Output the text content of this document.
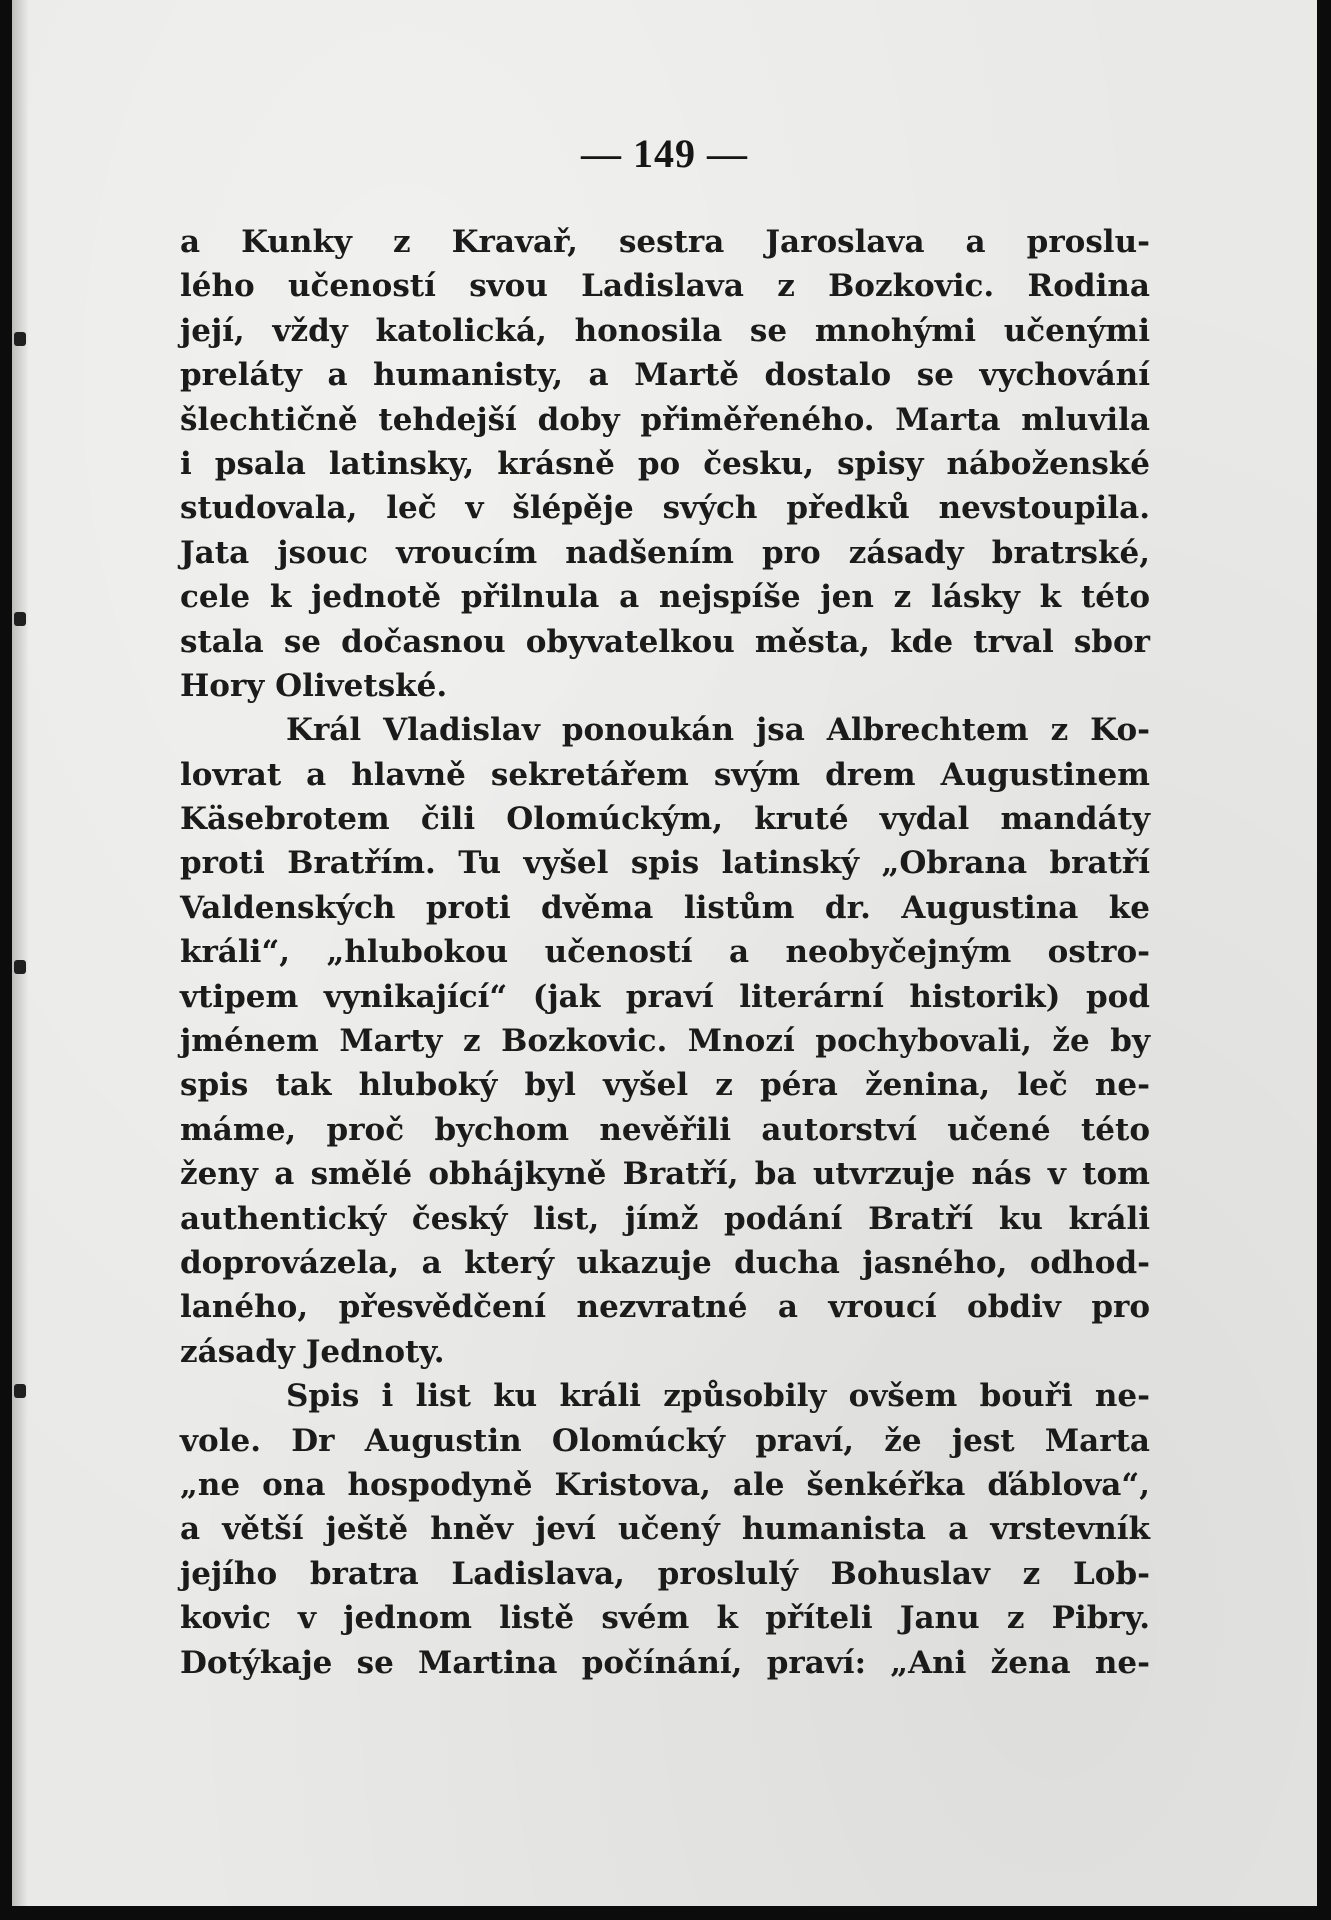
— 149 —
a Kunky z Kravař, sestra Jaroslava a proslu-
lého učeností svou Ladislava z Bozkovic. Rodina
její, vždy katolická, honosila se mnohými učenými
preláty a humanisty, a Martě dostalo se vychování
šlechtičně tehdejší doby přiměřeného. Marta mluvila
i psala latinsky, krásně po česku, spisy náboženské
studovala, leč v šlépěje svých předků nevstoupila.
Jata jsouc vroucím nadšením pro zásady bratrské,
cele k jednotě přilnula a nejspíše jen z lásky k této
stala se dočasnou obyvatelkou města, kde trval sbor
Hory Olivetské.
Král Vladislav ponoukán jsa Albrechtem z Ko-
lovrat a hlavně sekretářem svým drem Augustinem
Käsebrotem čili Olomúckým, kruté vydal mandáty
proti Bratřím. Tu vyšel spis latinský „Obrana bratří
Valdenských proti dvěma listům dr. Augustina ke
králi“, „hlubokou učeností a neobyčejným ostro-
vtipem vynikající“ (jak praví literární historik) pod
jménem Marty z Bozkovic. Mnozí pochybovali, že by
spis tak hluboký byl vyšel z péra ženina, leč ne-
máme, proč bychom nevěřili autorství učené této
ženy a smělé obhájkyně Bratří, ba utvrzuje nás v tom
authentický český list, jímž podání Bratří ku králi
doprovázela, a který ukazuje ducha jasného, odhod-
laného, přesvědčení nezvratné a vroucí obdiv pro
zásady Jednoty.
Spis i list ku králi způsobily ovšem bouři ne-
vole. Dr Augustin Olomúcký praví, že jest Marta
„ne ona hospodyně Kristova, ale šenkéřka ďáblova“,
a větší ještě hněv jeví učený humanista a vrstevník
jejího bratra Ladislava, proslulý Bohuslav z Lob-
kovic v jednom listě svém k příteli Janu z Pibry.
Dotýkaje se Martina počínání, praví: „Ani žena ne-
